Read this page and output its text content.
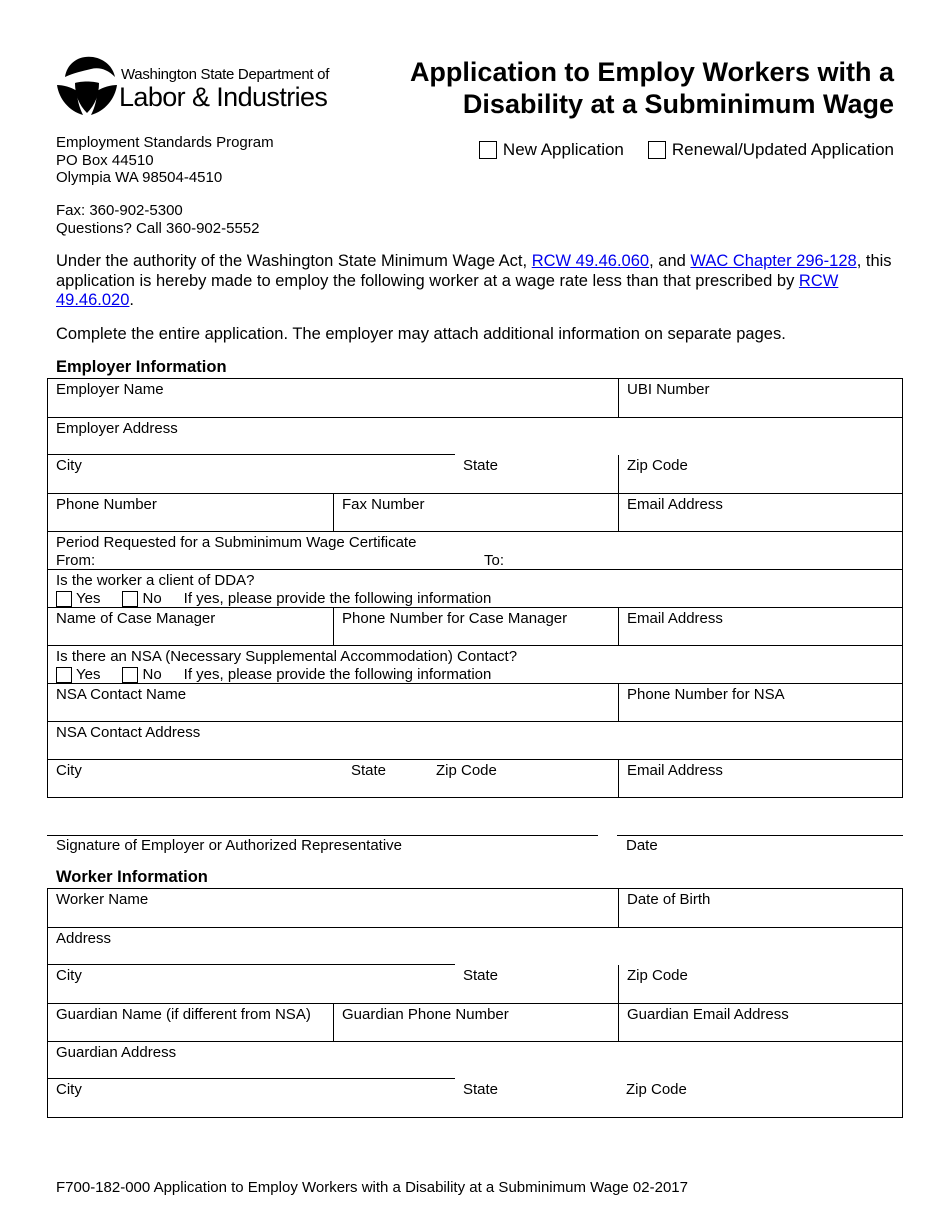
Washington State Department of
Labor & Industries
Application to Employ Workers with a Disability at a Subminimum Wage
New Application	Renewal/Updated Application
Employment Standards Program
PO Box 44510
Olympia WA 98504-4510
Fax: 360-902-5300
Questions? Call 360-902-5552
Under the authority of the Washington State Minimum Wage Act, RCW 49.46.060, and WAC Chapter 296-128, this application is hereby made to employ the following worker at a wage rate less than that prescribed by RCW 49.46.020.
Complete the entire application. The employer may attach additional information on separate pages.
Employer Information
Employer Name	UBI Number
Employer Address
City	State	Zip Code
Phone Number	Fax Number	Email Address
Period Requested for a Subminimum Wage Certificate
From:	To:
Is the worker a client of DDA?
Yes	No If yes, please provide the following information
Name of Case Manager	Phone Number for Case Manager	Email Address
Is there an NSA (Necessary Supplemental Accommodation) Contact?
Yes	No If yes, please provide the following information
NSA Contact Name	Phone Number for NSA
NSA Contact Address
City	State	Zip Code	Email Address
Signature of Employer or Authorized Representative	Date
Worker Information
Worker Name	Date of Birth
Address
City	State	Zip Code
Guardian Name (if different from NSA)	Guardian Phone Number	Guardian Email Address
Guardian Address
City	State	Zip Code
F700-182-000 Application to Employ Workers with a Disability at a Subminimum Wage 02-2017
